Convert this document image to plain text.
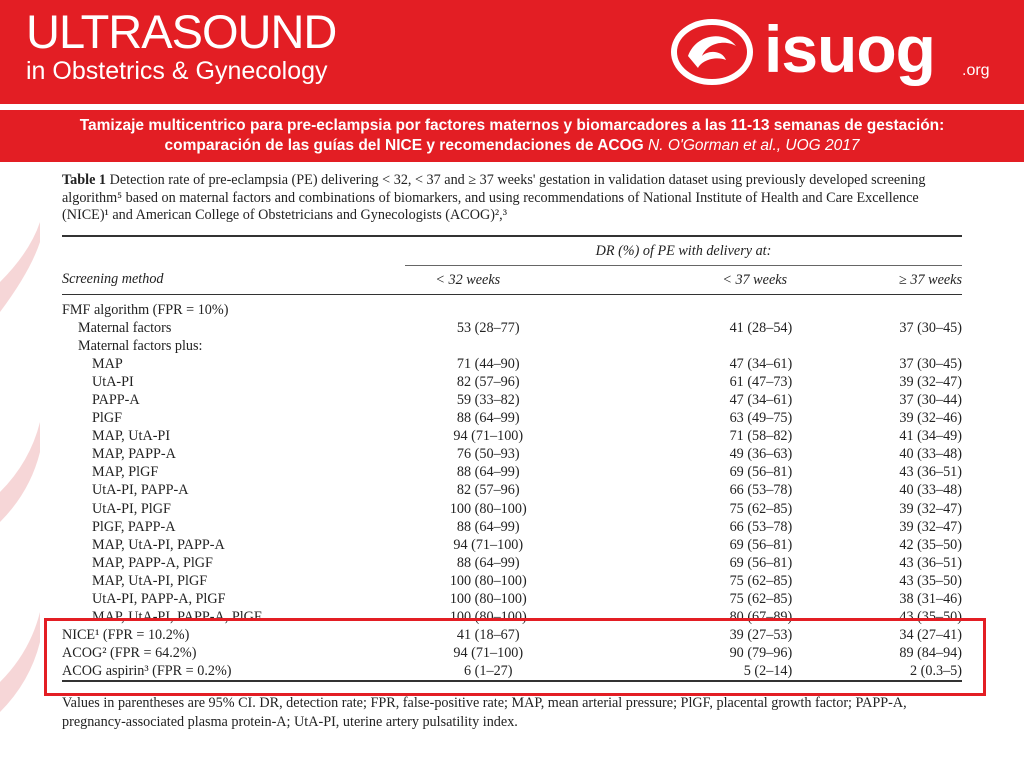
ULTRASOUND
in Obstetrics & Gynecology	isuog .org
Tamizaje multicentrico para pre-eclampsia por factores maternos y biomarcadores a las 11-13 semanas de gestación:
comparación de las guías del NICE y recomendaciones de ACOG N. O'Gorman et al., UOG 2017
Table 1 Detection rate of pre-eclampsia (PE) delivering < 32, < 37 and ≥ 37 weeks' gestation in validation dataset using previously developed screening algorithm⁵ based on maternal factors and combinations of biomarkers, and using recommendations of National Institute of Health and Care Excellence (NICE)¹ and American College of Obstetricians and Gynecologists (ACOG)²,³
	DR (%) of PE with delivery at:		
Screening method	< 32 weeks	< 37 weeks	≥ 37 weeks

FMF algorithm (FPR = 10%)			
Maternal factors	53 (28–77)	41 (28–54)	37 (30–45)
Maternal factors plus:			
MAP	71 (44–90)	47 (34–61)	37 (30–45)
UtA-PI	82 (57–96)	61 (47–73)	39 (32–47)
PAPP-A	59 (33–82)	47 (34–61)	37 (30–44)
PlGF	88 (64–99)	63 (49–75)	39 (32–46)
MAP, UtA-PI	94 (71–100)	71 (58–82)	41 (34–49)
MAP, PAPP-A	76 (50–93)	49 (36–63)	40 (33–48)
MAP, PlGF	88 (64–99)	69 (56–81)	43 (36–51)
UtA-PI, PAPP-A	82 (57–96)	66 (53–78)	40 (33–48)
UtA-PI, PlGF	100 (80–100)	75 (62–85)	39 (32–47)
PlGF, PAPP-A	88 (64–99)	66 (53–78)	39 (32–47)
MAP, UtA-PI, PAPP-A	94 (71–100)	69 (56–81)	42 (35–50)
MAP, PAPP-A, PlGF	88 (64–99)	69 (56–81)	43 (36–51)
MAP, UtA-PI, PlGF	100 (80–100)	75 (62–85)	43 (35–50)
UtA-PI, PAPP-A, PlGF	100 (80–100)	75 (62–85)	38 (31–46)
MAP, UtA-PI, PAPP-A, PlGF	100 (80–100)	80 (67–89)	43 (35–50)
NICE¹ (FPR = 10.2%)	41 (18–67)	39 (27–53)	34 (27–41)
ACOG² (FPR = 64.2%)	94 (71–100)	90 (79–96)	89 (84–94)
ACOG aspirin³ (FPR = 0.2%)	6 (1–27)	5 (2–14)	2 (0.3–5)

Values in parentheses are 95% CI. DR, detection rate; FPR, false-positive rate; MAP, mean arterial pressure; PlGF, placental growth factor; PAPP-A, pregnancy-associated plasma protein-A; UtA-PI, uterine artery pulsatility index.
